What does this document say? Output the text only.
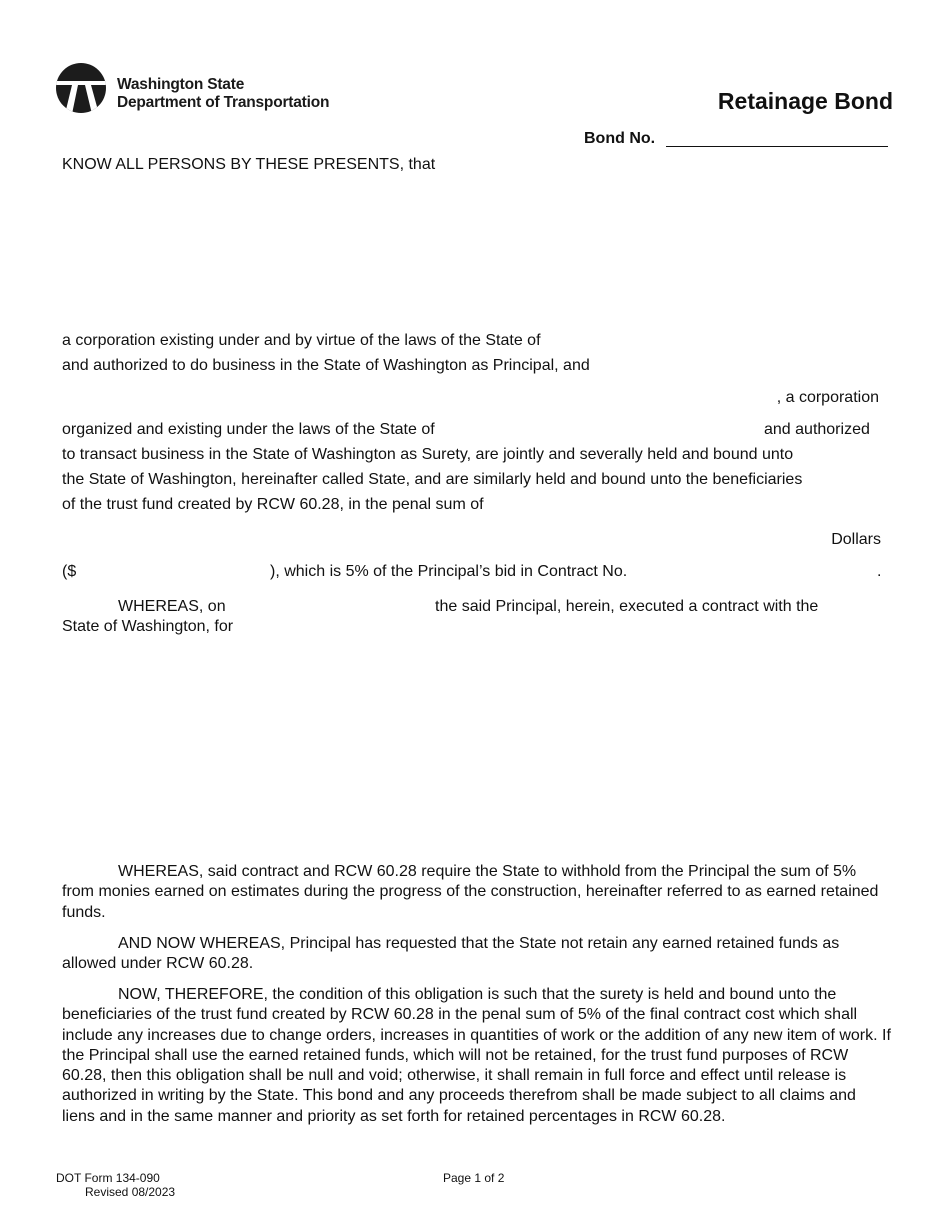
Washington State
Department of Transportation	Retainage Bond
Bond No.
KNOW ALL PERSONS BY THESE PRESENTS, that
a corporation existing under and by virtue of the laws of the State of
and authorized to do business in the State of Washington as Principal, and
, a corporation
organized and existing under the laws of the State of	and authorized
to transact business in the State of Washington as Surety, are jointly and severally held and bound unto
the State of Washington, hereinafter called State, and are similarly held and bound unto the beneficiaries
of the trust fund created by RCW 60.28, in the penal sum of
Dollars
($	), which is 5% of the Principal’s bid in Contract No.	.
WHEREAS, on	the said Principal, herein, executed a contract with the
State of Washington, for
WHEREAS, said contract and RCW 60.28 require the State to withhold from the Principal the sum of 5% from monies earned on estimates during the progress of the construction, hereinafter referred to as earned retained funds.
AND NOW WHEREAS, Principal has requested that the State not retain any earned retained funds as allowed under RCW 60.28.
NOW, THEREFORE, the condition of this obligation is such that the surety is held and bound unto the beneficiaries of the trust fund created by RCW 60.28 in the penal sum of 5% of the final contract cost which shall include any increases due to change orders, increases in quantities of work or the addition of any new item of work. If the Principal shall use the earned retained funds, which will not be retained, for the trust fund purposes of RCW 60.28, then this obligation shall be null and void; otherwise, it shall remain in full force and effect until release is authorized in writing by the State. This bond and any proceeds therefrom shall be made subject to all claims and liens and in the same manner and priority as set forth for retained percentages in RCW 60.28.
DOT Form 134-090
Revised 08/2023
Page 1 of 2
